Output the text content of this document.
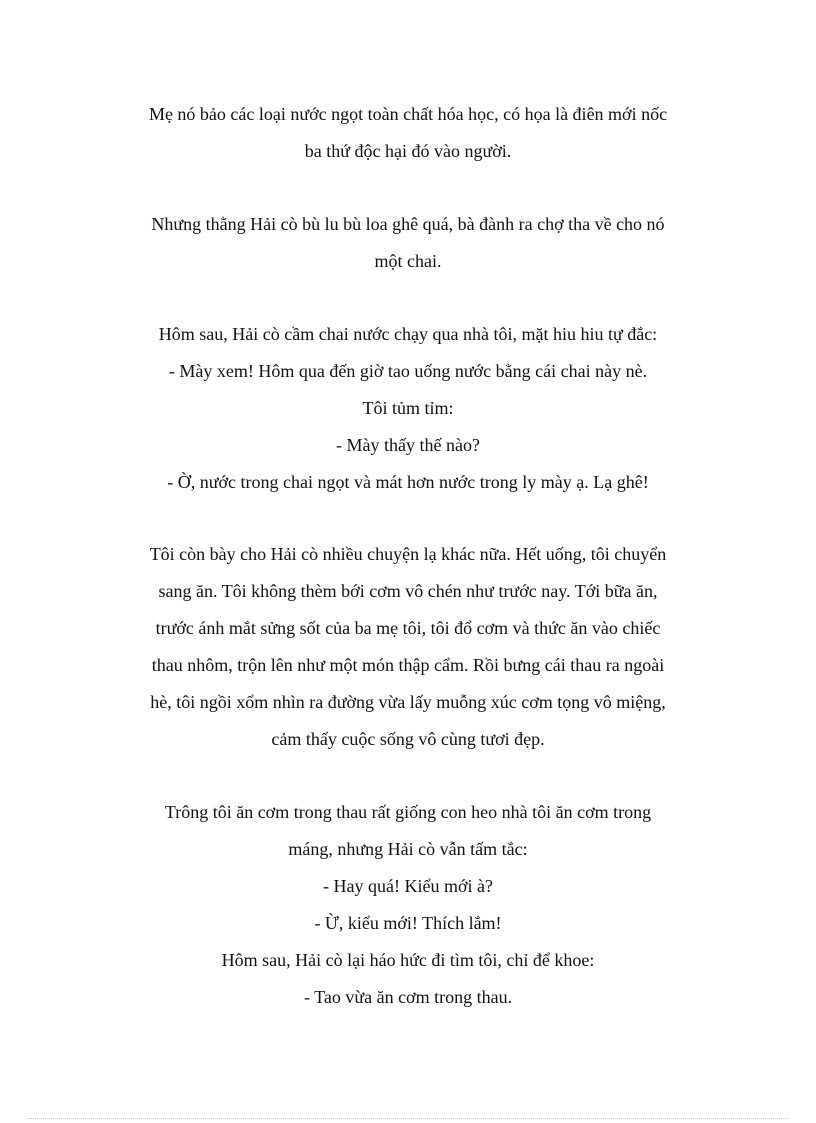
Mẹ nó bảo các loại nước ngọt toàn chất hóa học, có họa là điên mới nốc
ba thứ độc hại đó vào người.
Nhưng thằng Hải cò bù lu bù loa ghê quá, bà đành ra chợ tha về cho nó
một chai.
Hôm sau, Hải cò cầm chai nước chạy qua nhà tôi, mặt hiu hiu tự đắc:
- Mày xem! Hôm qua đến giờ tao uống nước bằng cái chai này nè.
Tôi tủm tỉm:
- Mày thấy thế nào?
- Ờ, nước trong chai ngọt và mát hơn nước trong ly mày ạ. Lạ ghê!
Tôi còn bày cho Hải cò nhiều chuyện lạ khác nữa. Hết uống, tôi chuyển
sang ăn. Tôi không thèm bới cơm vô chén như trước nay. Tới bữa ăn,
trước ánh mắt sửng sốt của ba mẹ tôi, tôi đổ cơm và thức ăn vào chiếc
thau nhôm, trộn lên như một món thập cẩm. Rồi bưng cái thau ra ngoài
hè, tôi ngồi xổm nhìn ra đường vừa lấy muỗng xúc cơm tọng vô miệng,
cảm thấy cuộc sống vô cùng tươi đẹp.
Trông tôi ăn cơm trong thau rất giống con heo nhà tôi ăn cơm trong
máng, nhưng Hải cò vẫn tấm tắc:
- Hay quá! Kiểu mới à?
- Ừ, kiểu mới! Thích lắm!
Hôm sau, Hải cò lại háo hức đi tìm tôi, chỉ để khoe:
- Tao vừa ăn cơm trong thau.
